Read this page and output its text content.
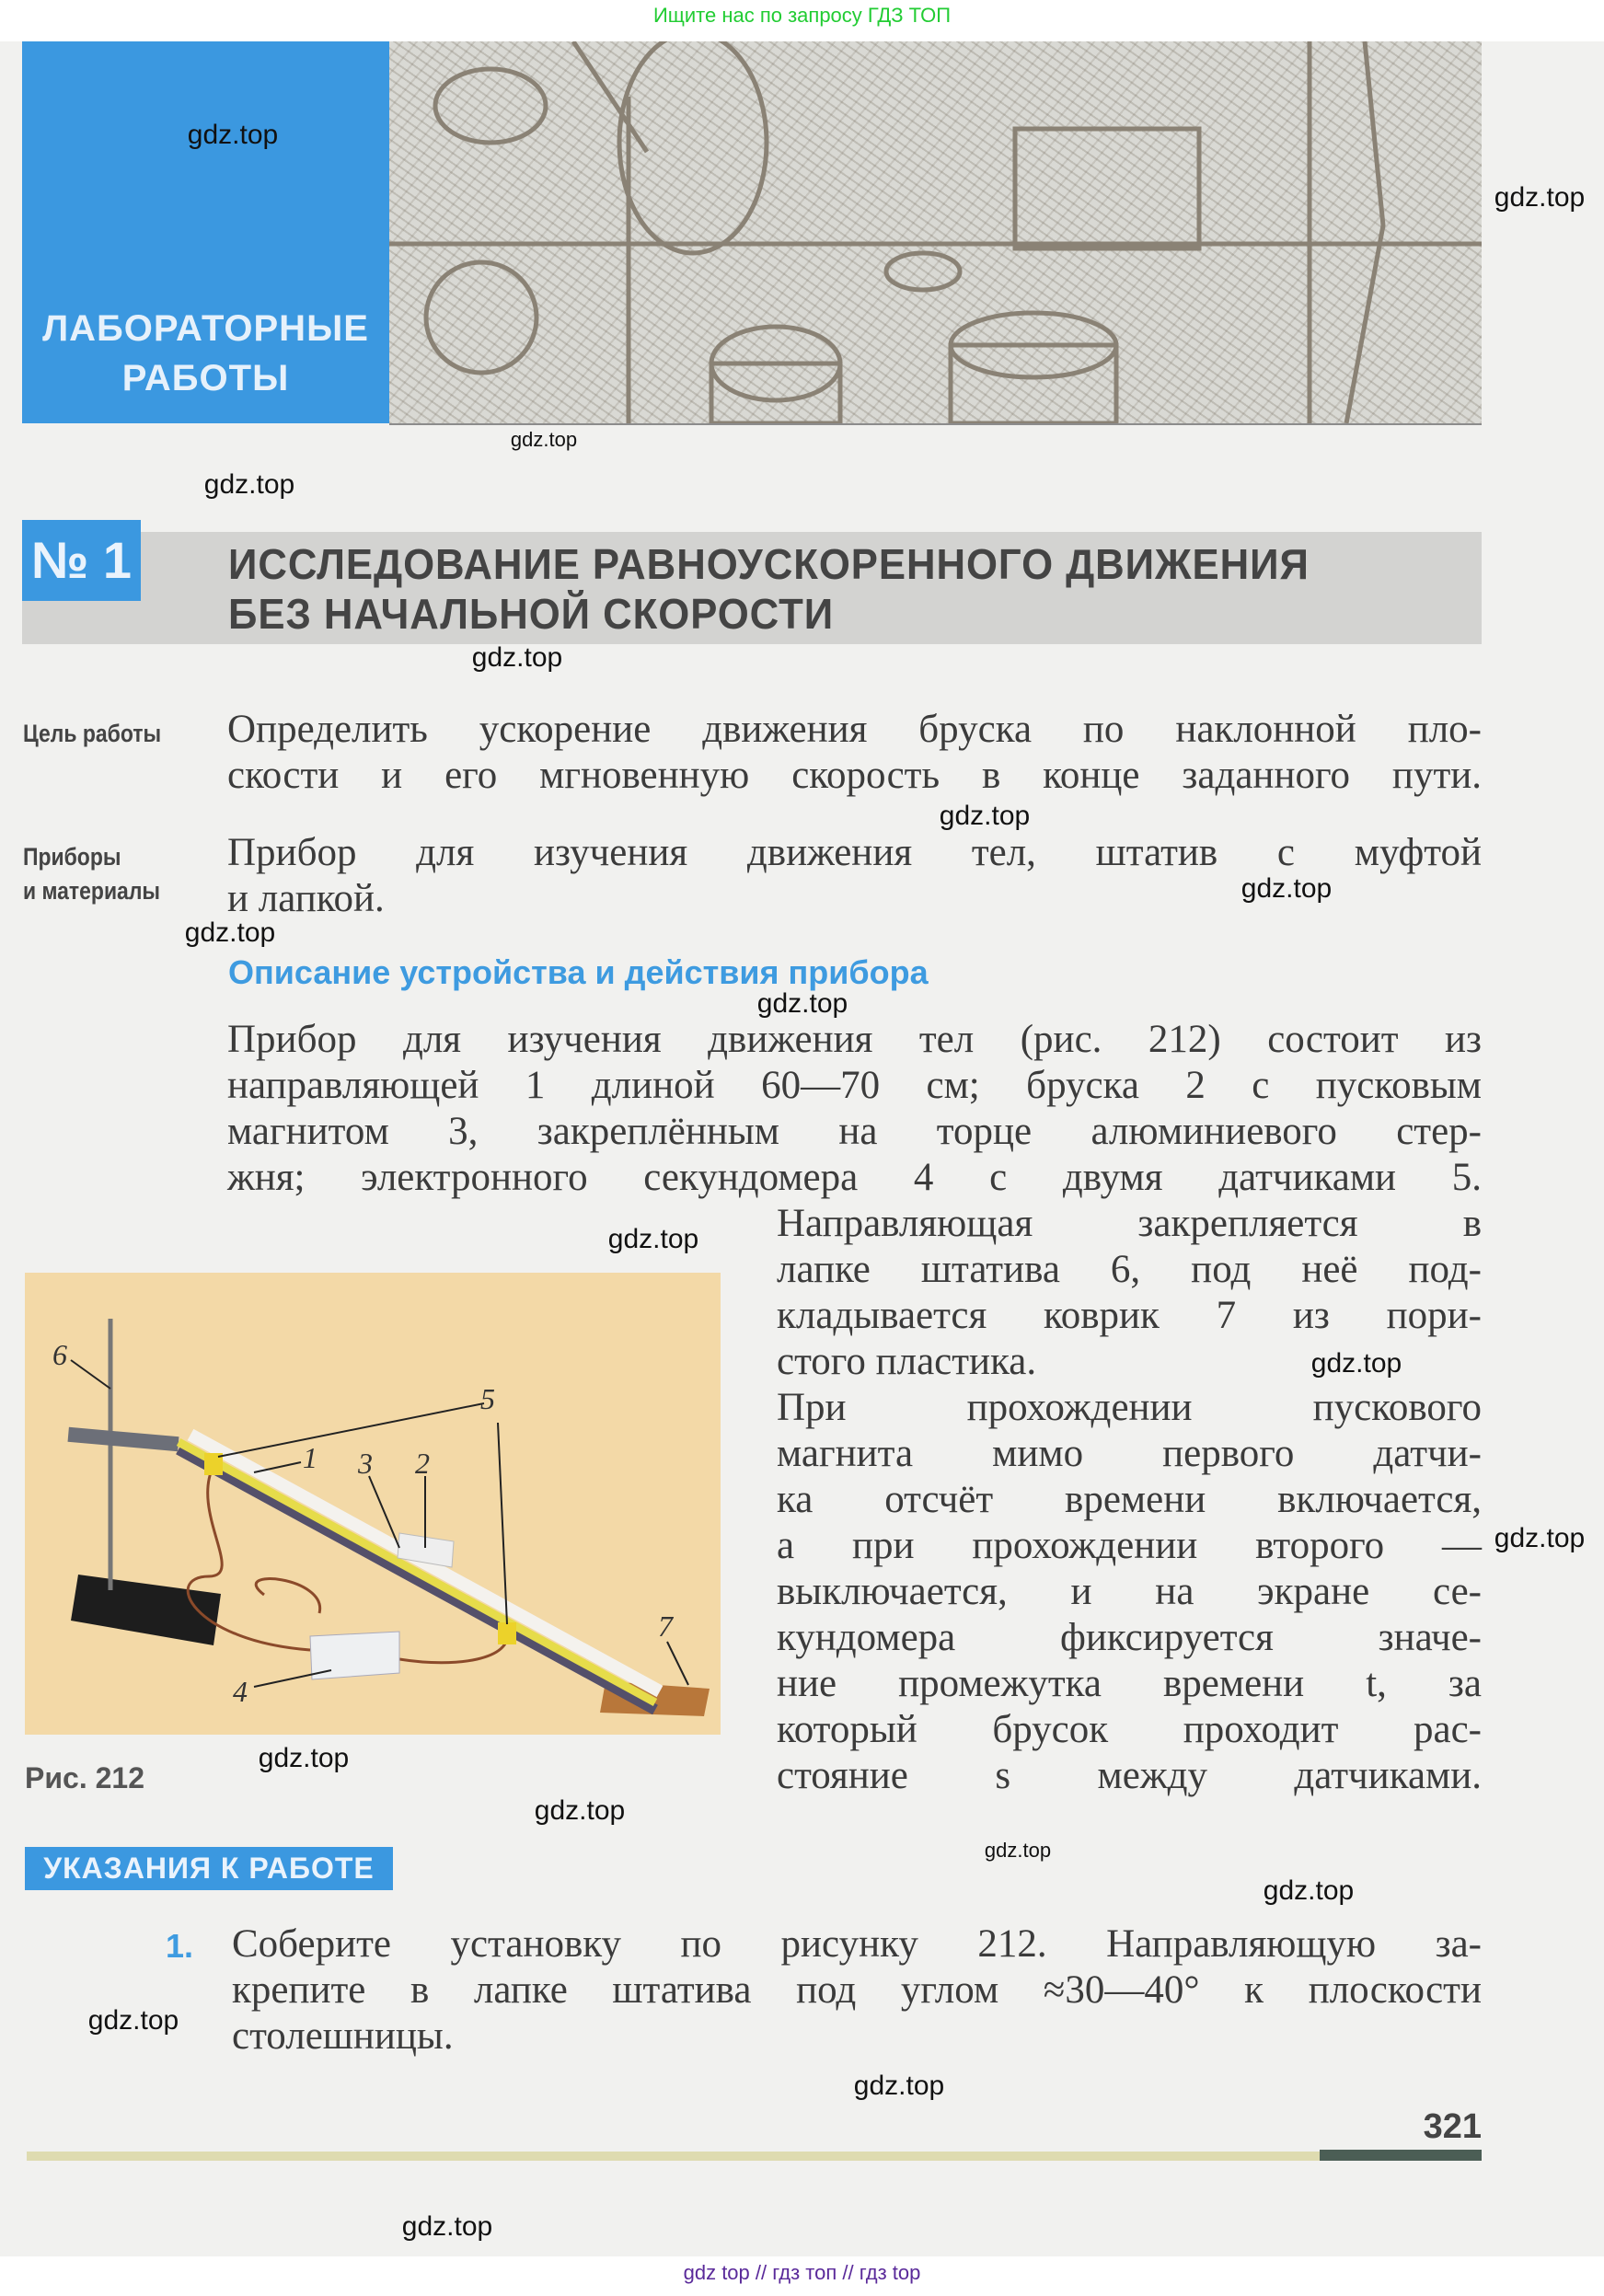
Ищите нас по запросу ГДЗ ТОП
ЛАБОРАТОРНЫЕ
РАБОТЫ
№ 1 ИССЛЕДОВАНИЕ РАВНОУСКОРЕННОГО ДВИЖЕНИЯ
БЕЗ НАЧАЛЬНОЙ СКОРОСТИ
Цель работы Определить ускорение движения бруска по наклонной пло-
скости и его мгновенную скорость в конце заданного пути.
Приборы
и материалы
Прибор для изучения движения тел, штатив с муфтой
и лапкой.
Описание устройства и действия прибора
Прибор для изучения движения тел (рис. 212) состоит из
направляющей 1 длиной 60—70 см; бруска 2 с пусковым
магнитом 3, закреплённым на торце алюминиевого стер-
жня; электронного секундомера 4 с двумя датчиками 5.
Направляющая закрепляется в
лапке штатива 6, под неё под-
кладывается коврик 7 из пори-
стого пластика.
При прохождении пускового
магнита мимо первого датчи-
ка отсчёт времени включается,
а при прохождении второго —
выключается, и на экране се-
кундомера фиксируется значе-
ние промежутка времени t, за
который брусок проходит рас-
стояние s между датчиками.
6
5
1 3 2
7
4
Рис. 212
УКАЗАНИЯ К РАБОТЕ
1. Соберите установку по рисунку 212. Направляющую за-
крепите в лапке штатива под углом ≈30—40° к плоскости
столешницы.
321
gdz.top
gdz.top
gdz.top
gdz.top
gdz.top
gdz.top
gdz.top
gdz.top
gdz.top
gdz.top
gdz.top
gdz.top
gdz.top
gdz.top
gdz.top
gdz.top
gdz.top
gdz.top
gdz.top
gdz top // гдз топ // гдз top
